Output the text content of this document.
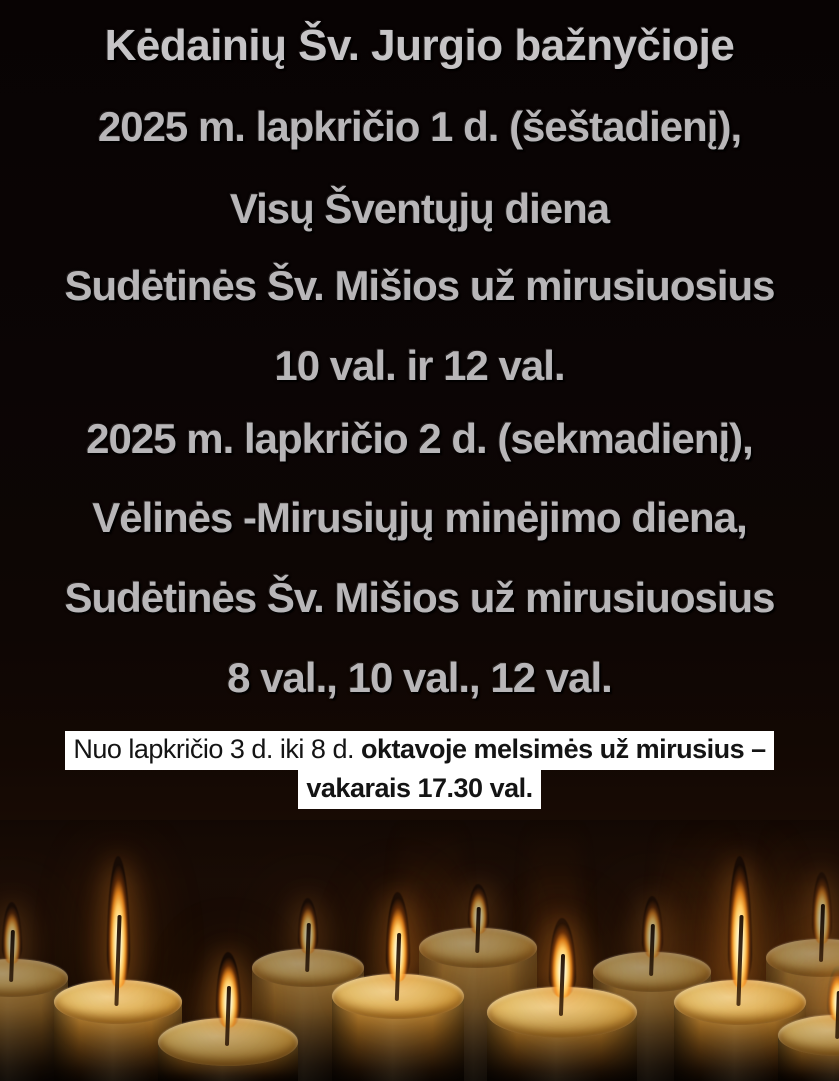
Kėdainių Šv. Jurgio bažnyčioje
2025 m. lapkričio 1 d. (šeštadienį),
Visų Šventųjų diena
Sudėtinės Šv. Mišios už mirusiuosius
10 val. ir 12 val.
2025 m. lapkričio 2 d. (sekmadienį),
Vėlinės -Mirusiųjų minėjimo diena,
Sudėtinės Šv. Mišios už mirusiuosius
8 val., 10 val., 12 val.
Nuo lapkričio 3 d. iki 8 d. oktavoje melsimės už mirusius –
vakarais 17.30 val.
